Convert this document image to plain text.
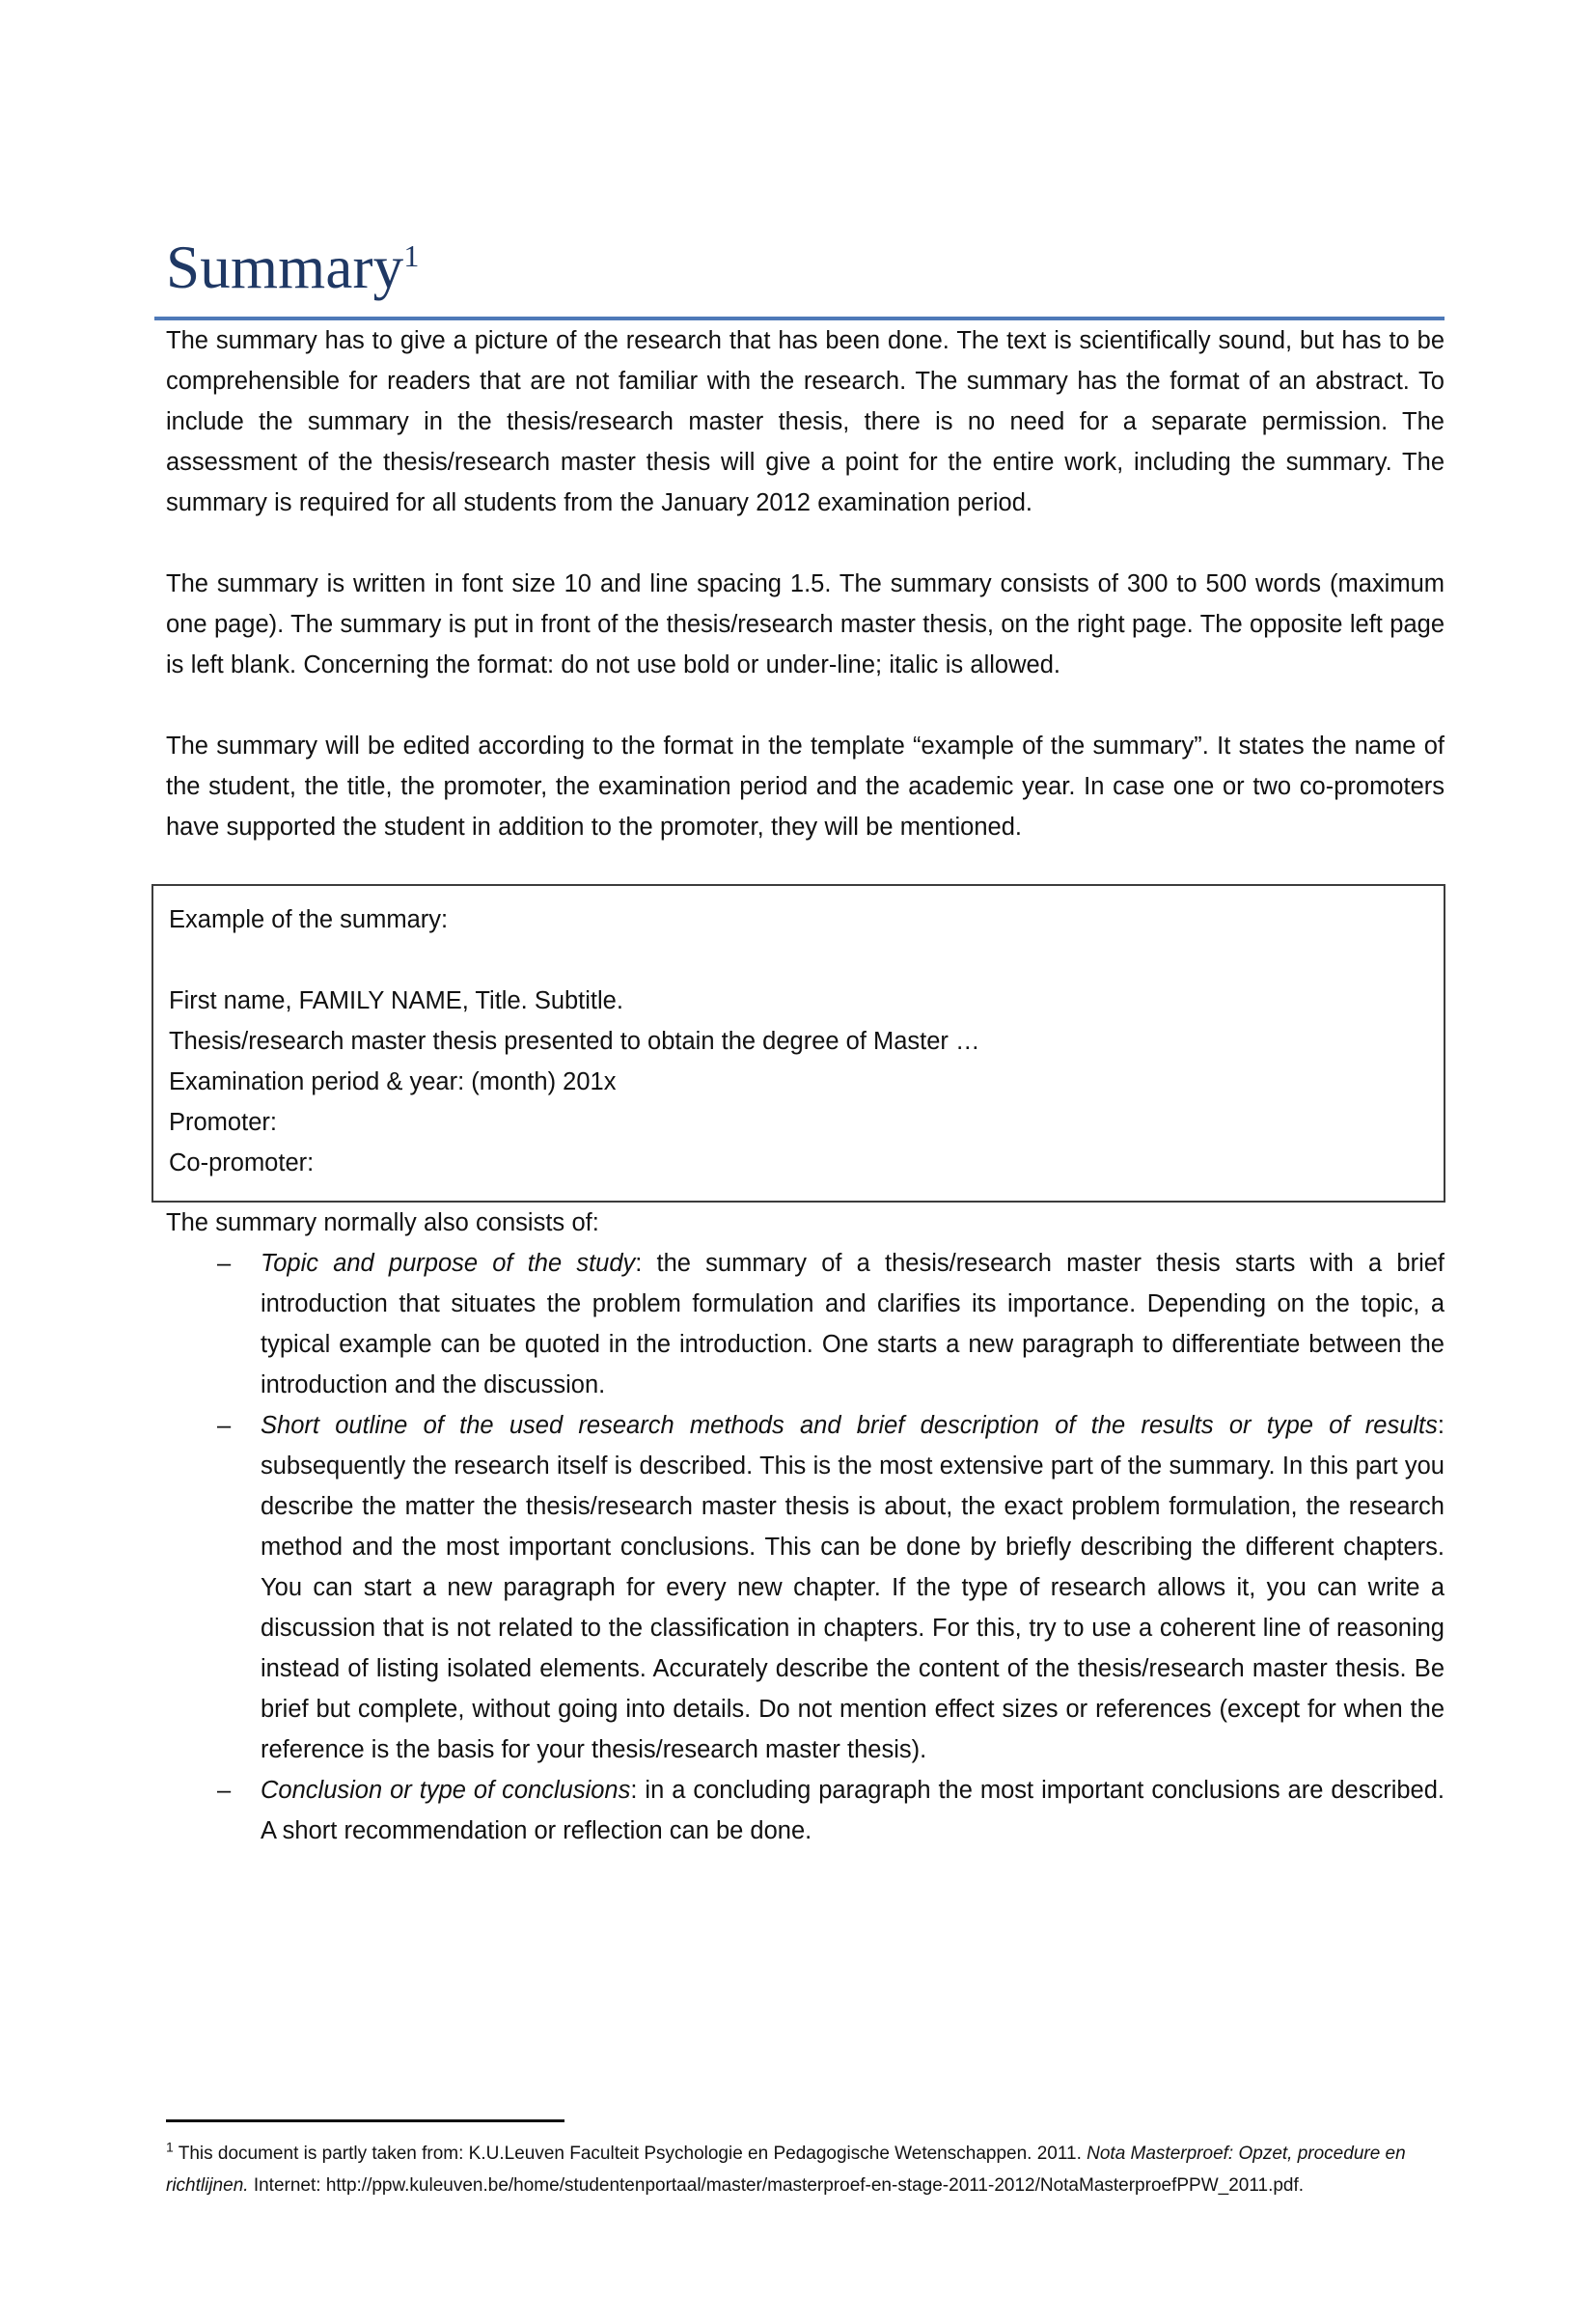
Summary$^1$

The summary has to give a picture of the research that has been done. The text is scientifically sound, but has to be comprehensible for readers that are not familiar with the research. The summary has the format of an abstract. To include the summary in the thesis/research master thesis, there is no need for a separate permission. The assessment of the thesis/research master thesis will give a point for the entire work, including the summary. The summary is required for all students from the January 2012 examination period.

The summary is written in font size 10 and line spacing 1.5. The summary consists of 300 to 500 words (maximum one page). The summary is put in front of the thesis/research master thesis, on the right page. The opposite left page is left blank. Concerning the format: do not use bold or under-line; italic is allowed.

The summary will be edited according to the format in the template “example of the summary”. It states the name of the student, the title, the promoter, the examination period and the academic year. In case one or two co-promoters have supported the student in addition to the promoter, they will be mentioned.

Example of the summary:
First name, FAMILY NAME, Title. Subtitle.
Thesis/research master thesis presented to obtain the degree of Master …
Examination period & year: (month) 201x
Promoter:
Co-promoter:

The summary normally also consists of:

– Topic and purpose of the study: the summary of a thesis/research master thesis starts with a brief introduction that situates the problem formulation and clarifies its importance. Depending on the topic, a typical example can be quoted in the introduction. One starts a new paragraph to differentiate between the introduction and the discussion.
– Short outline of the used research methods and brief description of the results or type of results: subsequently the research itself is described. This is the most extensive part of the summary. In this part you describe the matter the thesis/research master thesis is about, the exact problem formulation, the research method and the most important conclusions. This can be done by briefly describing the different chapters. You can start a new paragraph for every new chapter. If the type of research allows it, you can write a discussion that is not related to the classification in chapters. For this, try to use a coherent line of reasoning instead of listing isolated elements. Accurately describe the content of the thesis/research master thesis. Be brief but complete, without going into details. Do not mention effect sizes or references (except for when the reference is the basis for your thesis/research master thesis).
– Conclusion or type of conclusions: in a concluding paragraph the most important conclusions are described. A short recommendation or reflection can be done.

$^1$ This document is partly taken from: K.U.Leuven Faculteit Psychologie en Pedagogische Wetenschappen. 2011. Nota Masterproef: Opzet, procedure en richtlijnen. Internet: http://ppw.kuleuven.be/home/studentenportaal/master/masterproef-en-stage-2011-2012/NotaMasterproefPPW_2011.pdf.
